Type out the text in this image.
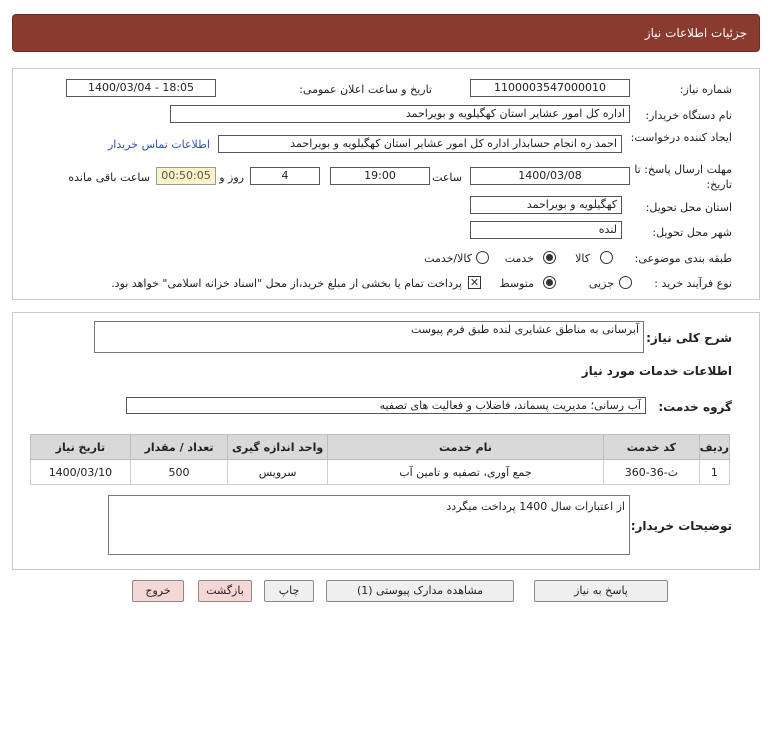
جزئیات اطلاعات نیاز
شماره نیاز:
1100003547000010
تاریخ و ساعت اعلان عمومی:
1400/03/04 - 18:05
نام دستگاه خریدار:
اداره کل امور عشایر استان کهگیلویه و بویراحمد
ایجاد کننده درخواست:
احمد ره انجام حسابدار اداره کل امور عشایر استان کهگیلویه و بویراحمد
اطلاعات تماس خریدار
مهلت ارسال پاسخ: تا تاریخ:
1400/03/08
ساعت
19:00
4
روز و
00:50:05
ساعت باقی مانده
استان محل تحویل:
کهگیلویه و بویراحمد
شهر محل تحویل:
لنده
طبقه بندی موضوعی:
کالا
خدمت
کالا/خدمت
نوع فرآیند خرید :
جزیی
متوسط
✕
پرداخت تمام یا بخشی از مبلغ خرید،از محل "اسناد خزانه اسلامی" خواهد بود.
شرح کلی نیاز:
آبرسانی به مناطق عشایری لنده طبق فرم پیوست
اطلاعات خدمات مورد نیاز
گروه خدمت:
آب رسانی؛ مدیریت پسماند، فاضلاب و فعالیت های تصفیه
ردیف	کد خدمت	نام خدمت	واحد اندازه گیری	تعداد / مقدار	تاریخ نیاز
1	ث-36-360	جمع آوری، تصفیه و تامین آب	سرویس	500	1400/03/10
توضیحات خریدار:
از اعتبارات سال 1400 پرداخت میگردد
پاسخ به نیاز
مشاهده مدارک پیوستی (1)
چاپ
بازگشت
خروج
